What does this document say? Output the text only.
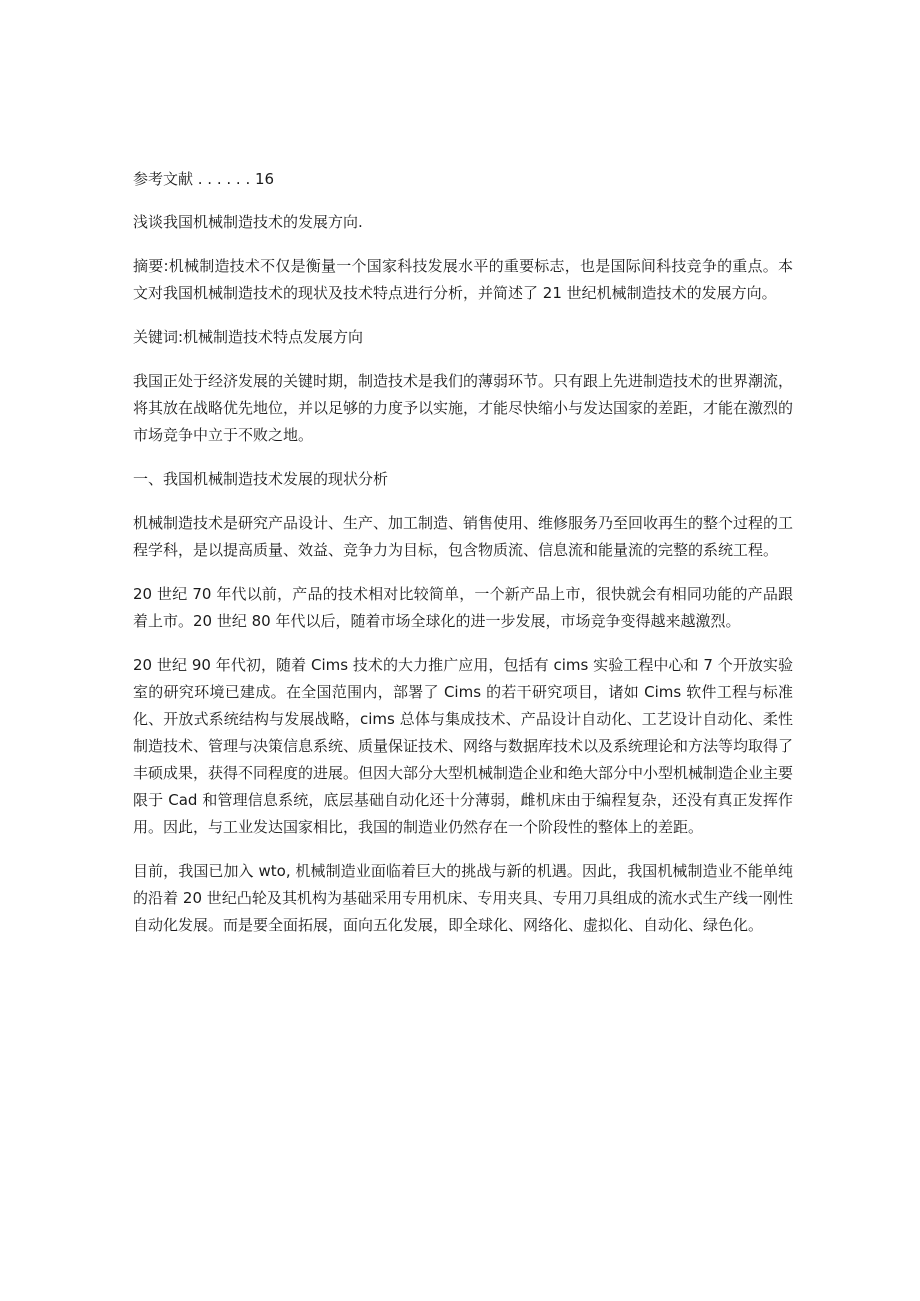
参考文献 . . . . . . 16

浅谈我国机械制造技术的发展方向.

摘要:机械制造技术不仅是衡量一个国家科技发展水平的重要标志，也是国际间科技竞争的重点。本文对我国机械制造技术的现状及技术特点进行分析，并简述了 21 世纪机械制造技术的发展方向。

关键词:机械制造技术特点发展方向

我国正处于经济发展的关键时期，制造技术是我们的薄弱环节。只有跟上先进制造技术的世界潮流，将其放在战略优先地位，并以足够的力度予以实施，才能尽快缩小与发达国家的差距，才能在激烈的市场竞争中立于不败之地。

一、我国机械制造技术发展的现状分析

机械制造技术是研究产品设计、生产、加工制造、销售使用、维修服务乃至回收再生的整个过程的工程学科，是以提高质量、效益、竞争力为目标，包含物质流、信息流和能量流的完整的系统工程。

20 世纪 70 年代以前，产品的技术相对比较简单，一个新产品上市，很快就会有相同功能的产品跟着上市。20 世纪 80 年代以后，随着市场全球化的进一步发展，市场竞争变得越来越激烈。

20 世纪 90 年代初，随着 Cims 技术的大力推广应用，包括有 cims 实验工程中心和 7 个开放实验室的研究环境已建成。在全国范围内，部署了 Cims 的若干研究项目，诸如 Cims 软件工程与标准化、开放式系统结构与发展战略，cims 总体与集成技术、产品设计自动化、工艺设计自动化、柔性制造技术、管理与决策信息系统、质量保证技术、网络与数据库技术以及系统理论和方法等均取得了丰硕成果，获得不同程度的进展。但因大部分大型机械制造企业和绝大部分中小型机械制造企业主要限于 Cad 和管理信息系统，底层基础自动化还十分薄弱，雌机床由于编程复杂，还没有真正发挥作用。因此，与工业发达国家相比，我国的制造业仍然存在一个阶段性的整体上的差距。

目前，我国已加入 wto, 机械制造业面临着巨大的挑战与新的机遇。因此，我国机械制造业不能单纯的沿着 20 世纪凸轮及其机构为基础采用专用机床、专用夹具、专用刀具组成的流水式生产线一刚性自动化发展。而是要全面拓展，面向五化发展，即全球化、网络化、虚拟化、自动化、绿色化。
